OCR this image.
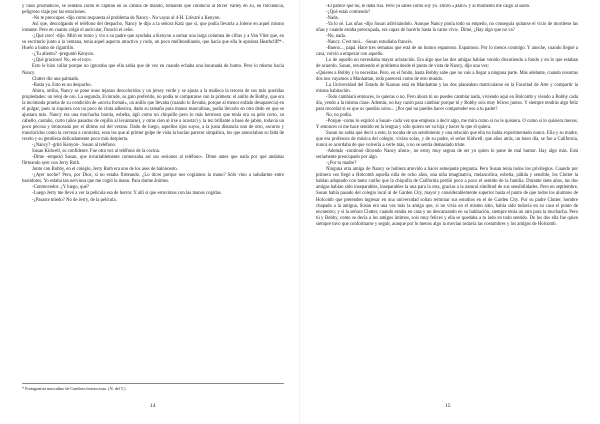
y unos prismáticos, se sentaba como el capitán en su cabina de mando, tomando que conducía al River Valley en su, en frecuencia, peligroso viaje por las estaciones.

-No te preocupes -dijo como respuesta al problema de Nancy-. No vayas al 4-H. Llévaré a Kenyon.

Así que, descolgando el teléfono del despacho, Nancy le dijo a la señora Katz que sí, que podía llevarla a Jolene en aquel mismo instante. Pero en cuanto colgó el auricular, frunció el ceño.

-¿Qué raro! -dijo. Miró en torno y vio a su padre que ayudaba a Kenyon a sumar una larga columna de cifras y a Van Vliet que, en su escritorio junto a la ventana, tenía aquel aspecto atractivo y rudo, un poco melibondiando, que hacía que ella le apodara Heathcliff*-. Huelo a humo de cigarrillo.

-¿Tu aliento? -preguntó Kenyon.

-¿Qué gracioso! No, en el tuyo.

Esto le hizo callar porque no ignoraba que ella sabía que de vez en cuando echaba una bocanada de humo. Pero lo mismo hacía Nancy.

Clutter dio una palmada.

-Basta ya. Esto es un despacho.

Ahora, arriba, Nancy se pone unos tejanos descoloridos y un jersey verde y se ajusta a la muñeca la tercera de sus más queridas propiedades: un reloj de oro. La segunda, Evinrude, su gato preferido, no podía ni compararse con la primera: el anillo de Bobby, que era la incómoda prueba de su condición de «novia formal», un anillo que llevaba (cuando lo llevaba, porque al menor enfado desaparecía) en el pulgar, pues ni siquiera con un poco de cinta adhesiva, dado su tamaño para manos masculinas, podía llevarlo en otro dedo en que se ajustara más. Nancy era una muchacha bonita, esbelta, ágil como un chiquillo pero lo más hermoso que tenía era su pelo corto, su cabello, castaño, corto (años pasados de cepillo al levantarse), y otras cien al irse a acostar) y la tez brillante a base de jabón, todavía un poco pecosa y bronceada por el último sol del verano. Dado de luego, aquellos ojos suyos, a la justa distancia uno de otro, oscuros y translúcidos como la cerveza a contraluz, eran los que al primer golpe de vista la hacían parecer simpática, los que anunciaban su falta de recelo y su gentileza delicadamente poco más despierta.

-¿Nancy? -gritó Kenyon-. Susan al teléfono.

Susan Kidwell, su confidente. Fue otra vez al teléfono de la cocina.

-Dime -empezó Susan, que invariablemente comenzaba así sus sesiones al teléfono-. Dime antes que nada por qué andabas flirteando ayer con Jerry Roth.

Junto con Bobby, en el colegio, Jerry Roth era uno de los ases de baloncesto.

-¿Ayer noche? Pero, por Dios, si no estaba flirteando. ¿Lo dices porque nos cogíamos la mano? Sólo vino a saludarme entre bastidores. Yo estaba tan nerviosa que me cogió la mano. Para darme ánimos.

-Conmovedor. ¿Y luego, qué?

-Luego Jerry me llevó a ver la película esa de horror. Y allí sí que estuvimos con las manos cogidas.

-¿Pasaste miedo? No de Jerry, de la película.

* Protagonista masculino de Cumbres borrascosas. (N. del T.)
14

-El parece que no, le daba risa. Pero ya sabes cómo soy yo. Dicen «¡Bah!» y al momento me caigo al suelo.

-¿Qué estás comiendo?

-Nada.

-Ya lo sé. Las uñas -dijo Susan adivinándolo. Aunque Nancy ponía todo su empeño, no conseguía quitarse el vicio de morderse las uñas y cuando estaba preocupada, era capaz de hacerlo hasta la carne viva-. Dime, ¿Hay algo que no va?

-No, nada.

-Nancy. C'est moi... -Susan estudiaba francés.

-Bueno..., papá. Hace tres semanas que está de un humor espantoso. Espantoso. Por lo menos conmigo. Y anoche, cuando llegué a casa, volvió a empezar con aquello.

Lo de aquello no necesitaba mayor aclaración. Era algo que las dos amigas habían venido discutiendo a fondo y en lo que estaban de acuerdo. Susan, resumiendo el problema desde el punto de vista de Nancy, dijo una vez:

«Quieres a Bobby y lo necesitas. Pero, en el fondo, hasta Bobby sabe que no vais a llegar a ninguna parte. Más adelante, cuando nosotras dos nos vayamos a Manhattan, todo parecerá como de otro mundo.

La Universidad del Estado de Kansas está en Manhattan y las dos planeaban matricularse en la Facultad de Arte y compartir la misma habitación.

-Todo cambiará entonces, lo quieras o no. Pero ahora tú no puedes cambiar nada, viviendo aquí en Holcomb y viendo a Bobby cada día, yendo a la misma clase. Además, no hay razón para cambiar porque tú y Bobby sois muy felices juntos. Y siempre tendrás algo feliz para recordar si es que os quedáis solos... ¿Por qué no puedes hacer comprender eso a tu padre?

No, no podía.

-Porque -como lo explicó a Susan- cada vez que empiezo a decir algo, me mira como si no le quisiera. O como si lo quisiera menos. Y entonces ni me hace sentido en la lengua y sólo quiero ser su hija y hacer lo que él quiera.

Susan no sabía qué decir a esto; la tocaba de un sentimiento y una relación que ella no había experimentado nunca. Ella y su madre, que era profesora de música del colegio, vivían solas, y de su padre, el señor Kidwell, que años atrás, un buen día, se fue a California, nunca se acordaba de que volvería a verle más, o no se sentía demasiado triste.

-Además -continuó diciendo Nancy ahora-, no estoy muy segura de ser yo quien lo pone de mal humor. Hay algo más. Está seriamente preocupado por algo.

-¿Por tu madre?

Ninguna otra amiga de Nancy se hubiera atrevido a hacer semejante pregunta. Pero Susan tenía todos los privilegios. Cuando por primera vez llegó a Holcomb aquella niña de ocho años, una niña imaginativa, melancólica, esbelta, pálida y sensible, los Clutter la habían adoptado con tanto cariño que la chiquilla de California perdió poco a poco el sentido de la familia. Durante siete años, las dos amigas habían sido inseparables, inseparables la una para la otra, gracias a la natural similitud de sus sensibilidades. Pero en septiembre, Susan había pasado del colegio local al de Garden City, mayor y considerablemente superior hasta el punto de que todos los alumnos de Holcomb que pretenden ingresar en una universidad solían terminar sus estudios en el de Garden City. Por su padre Clutter, hombre chapado a la antigua, Susan era una vez más la amiga que, si no vivía en el mismo sitio, había sido todavía en su casa el punto de encuentro; y si la señora Clutter, cuando estaba en casa y no descansando en su habitación, siempre tenía un rato para la muchacha. Pero tú y Bobby, como se decía a los amigos íntimos, sois muy felices y ella se quedaba a tu lado en todo sentido. De los dos ella fue quien siempre tuvo que conformarse y seguir, aunque por lo menos algo la movían todavía las costumbres y los amigos de Holcomb.

15
